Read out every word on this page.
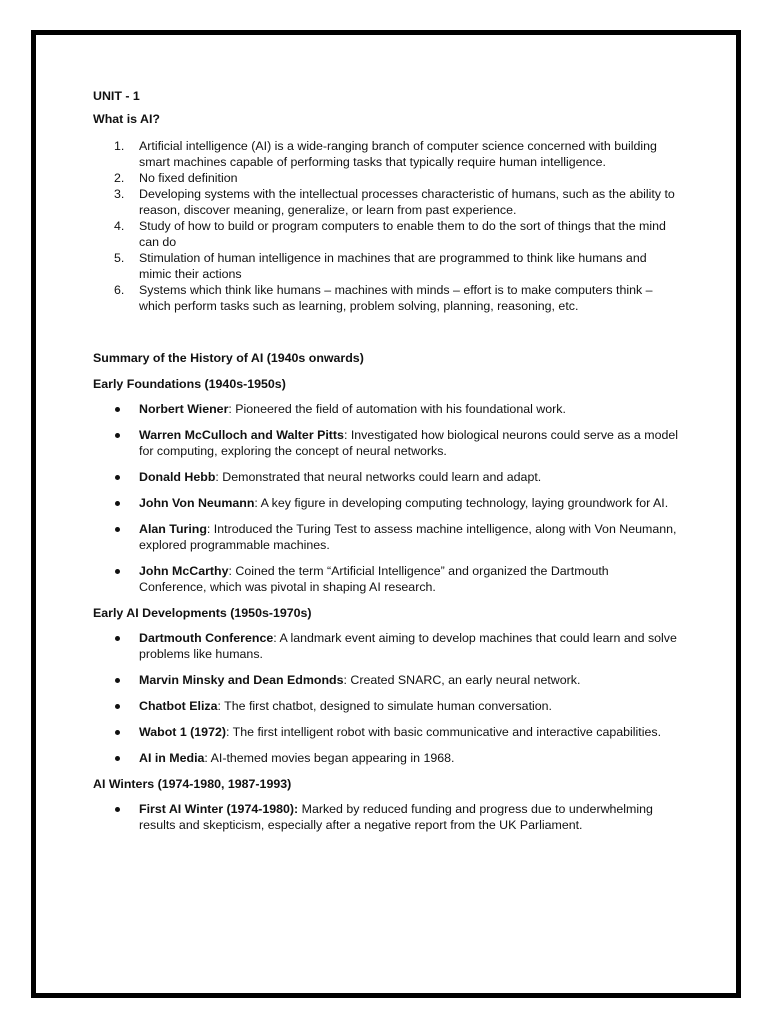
UNIT - 1

What is AI?

1. Artificial intelligence (AI) is a wide-ranging branch of computer science concerned with building smart machines capable of performing tasks that typically require human intelligence.
2. No fixed definition
3. Developing systems with the intellectual processes characteristic of humans, such as the ability to reason, discover meaning, generalize, or learn from past experience.
4. Study of how to build or program computers to enable them to do the sort of things that the mind can do
5. Stimulation of human intelligence in machines that are programmed to think like humans and mimic their actions
6. Systems which think like humans – machines with minds – effort is to make computers think – which perform tasks such as learning, problem solving, planning, reasoning, etc.

Summary of the History of AI (1940s onwards)

Early Foundations (1940s-1950s)

Norbert Wiener: Pioneered the field of automation with his foundational work.
Warren McCulloch and Walter Pitts: Investigated how biological neurons could serve as a model for computing, exploring the concept of neural networks.
Donald Hebb: Demonstrated that neural networks could learn and adapt.
John Von Neumann: A key figure in developing computing technology, laying groundwork for AI.
Alan Turing: Introduced the Turing Test to assess machine intelligence, along with Von Neumann, explored programmable machines.
John McCarthy: Coined the term “Artificial Intelligence” and organized the Dartmouth Conference, which was pivotal in shaping AI research.

Early AI Developments (1950s-1970s)

Dartmouth Conference: A landmark event aiming to develop machines that could learn and solve problems like humans.
Marvin Minsky and Dean Edmonds: Created SNARC, an early neural network.
Chatbot Eliza: The first chatbot, designed to simulate human conversation.
Wabot 1 (1972): The first intelligent robot with basic communicative and interactive capabilities.
AI in Media: AI-themed movies began appearing in 1968.

AI Winters (1974-1980, 1987-1993)

First AI Winter (1974-1980): Marked by reduced funding and progress due to underwhelming results and skepticism, especially after a negative report from the UK Parliament.
